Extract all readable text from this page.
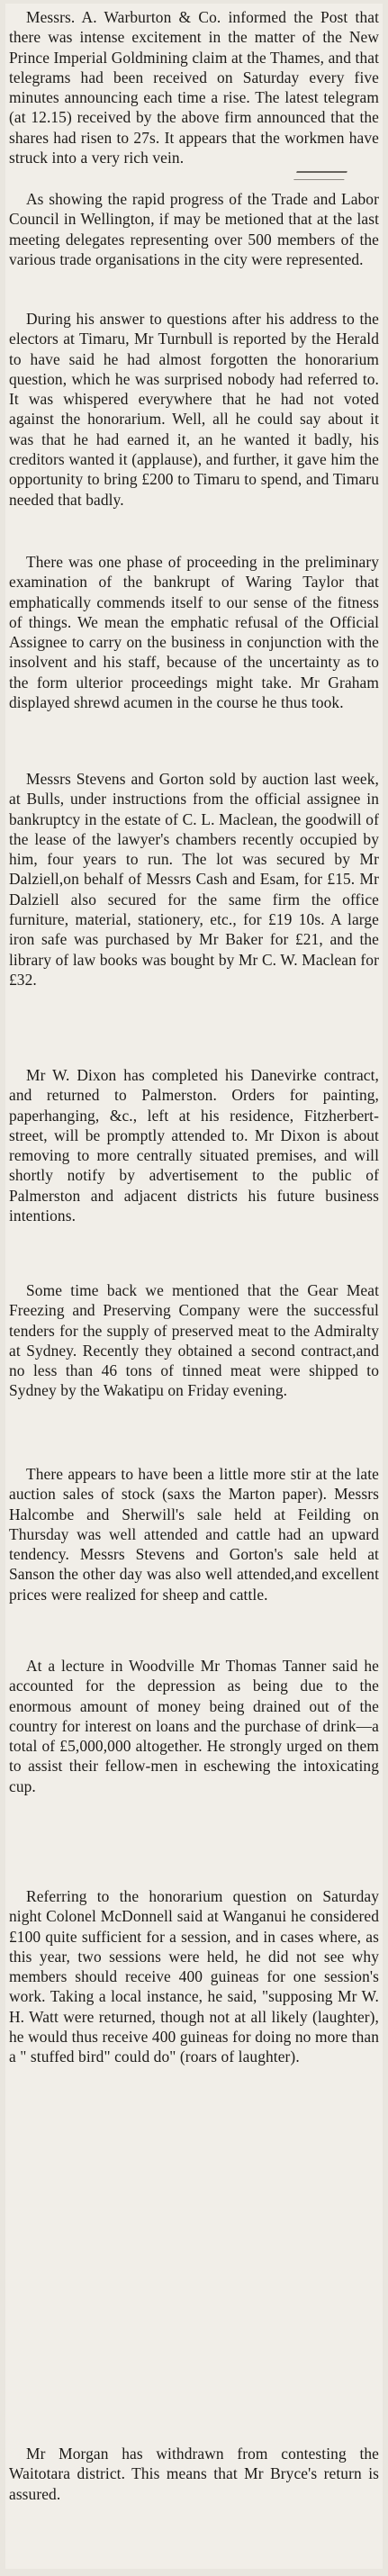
Messrs. A. Warburton & Co. informed the Post that there was intense excitement in the matter of the New Prince Imperial Goldmining claim at the Thames, and that telegrams had been received on Saturday every five minutes announcing each time a rise. The latest telegram (at 12.15) received by the above firm announced that the shares had risen to 27s. It appears that the workmen have struck into a very rich vein.

As showing the rapid progress of the Trade and Labor Council in Wellington, if may be metioned that at the last meeting delegates representing over 500 members of the various trade organisations in the city were represented.

During his answer to questions after his address to the electors at Timaru, Mr Turnbull is reported by the Herald to have said he had almost forgotten the honorarium question, which he was surprised nobody had referred to. It was whispered everywhere that he had not voted against the honorarium. Well, all he could say about it was that he had earned it, an he wanted it badly, his creditors wanted it (applause), and further, it gave him the opportunity to bring £200 to Timaru to spend, and Timaru needed that badly.

There was one phase of proceeding in the preliminary examination of the bankrupt of Waring Taylor that emphatically commends itself to our sense of the fitness of things. We mean the emphatic refusal of the Official Assignee to carry on the business in conjunction with the insolvent and his staff, because of the uncertainty as to the form ulterior proceedings might take. Mr Graham displayed shrewd acumen in the course he thus took.

Messrs Stevens and Gorton sold by auction last week, at Bulls, under instructions from the official assignee in bankruptcy in the estate of C. L. Maclean, the goodwill of the lease of the lawyer's chambers recently occupied by him, four years to run. The lot was secured by Mr Dalziell,on behalf of Messrs Cash and Esam, for £15. Mr Dalziell also secured for the same firm the office furniture, material, stationery, etc., for £19 10s. A large iron safe was purchased by Mr Baker for £21, and the library of law books was bought by Mr C. W. Maclean for £32.

Mr W. Dixon has completed his Danevirke contract, and returned to Palmerston. Orders for painting, paperhanging, &c., left at his residence, Fitzherbert-street, will be promptly attended to. Mr Dixon is about removing to more centrally situated premises, and will shortly notify by advertisement to the public of Palmerston and adjacent districts his future business intentions.

Some time back we mentioned that the Gear Meat Freezing and Preserving Company were the successful tenders for the supply of preserved meat to the Admiralty at Sydney. Recently they obtained a second contract,and no less than 46 tons of tinned meat were shipped to Sydney by the Wakatipu on Friday evening.

There appears to have been a little more stir at the late auction sales of stock (saxs the Marton paper). Messrs Halcombe and Sherwill's sale held at Feilding on Thursday was well attended and cattle had an upward tendency. Messrs Stevens and Gorton's sale held at Sanson the other day was also well attended,and excellent prices were realized for sheep and cattle.

At a lecture in Woodville Mr Thomas Tanner said he accounted for the depression as being due to the enormous amount of money being drained out of the country for interest on loans and the purchase of drink—a total of £5,000,000 altogether. He strongly urged on them to assist their fellow-men in eschewing the intoxicating cup.

Referring to the honorarium question on Saturday night Colonel McDonnell said at Wanganui he considered £100 quite sufficient for a session, and in cases where, as this year, two sessions were held, he did not see why members should receive 400 guineas for one session's work. Taking a local instance, he said, "supposing Mr W. H. Watt were returned, though not at all likely (laughter), he would thus receive 400 guineas for doing no more than a " stuffed bird" could do" (roars of laughter).

Mr Morgan has withdrawn from contesting the Waitotara district. This means that Mr Bryce's return is assured.
